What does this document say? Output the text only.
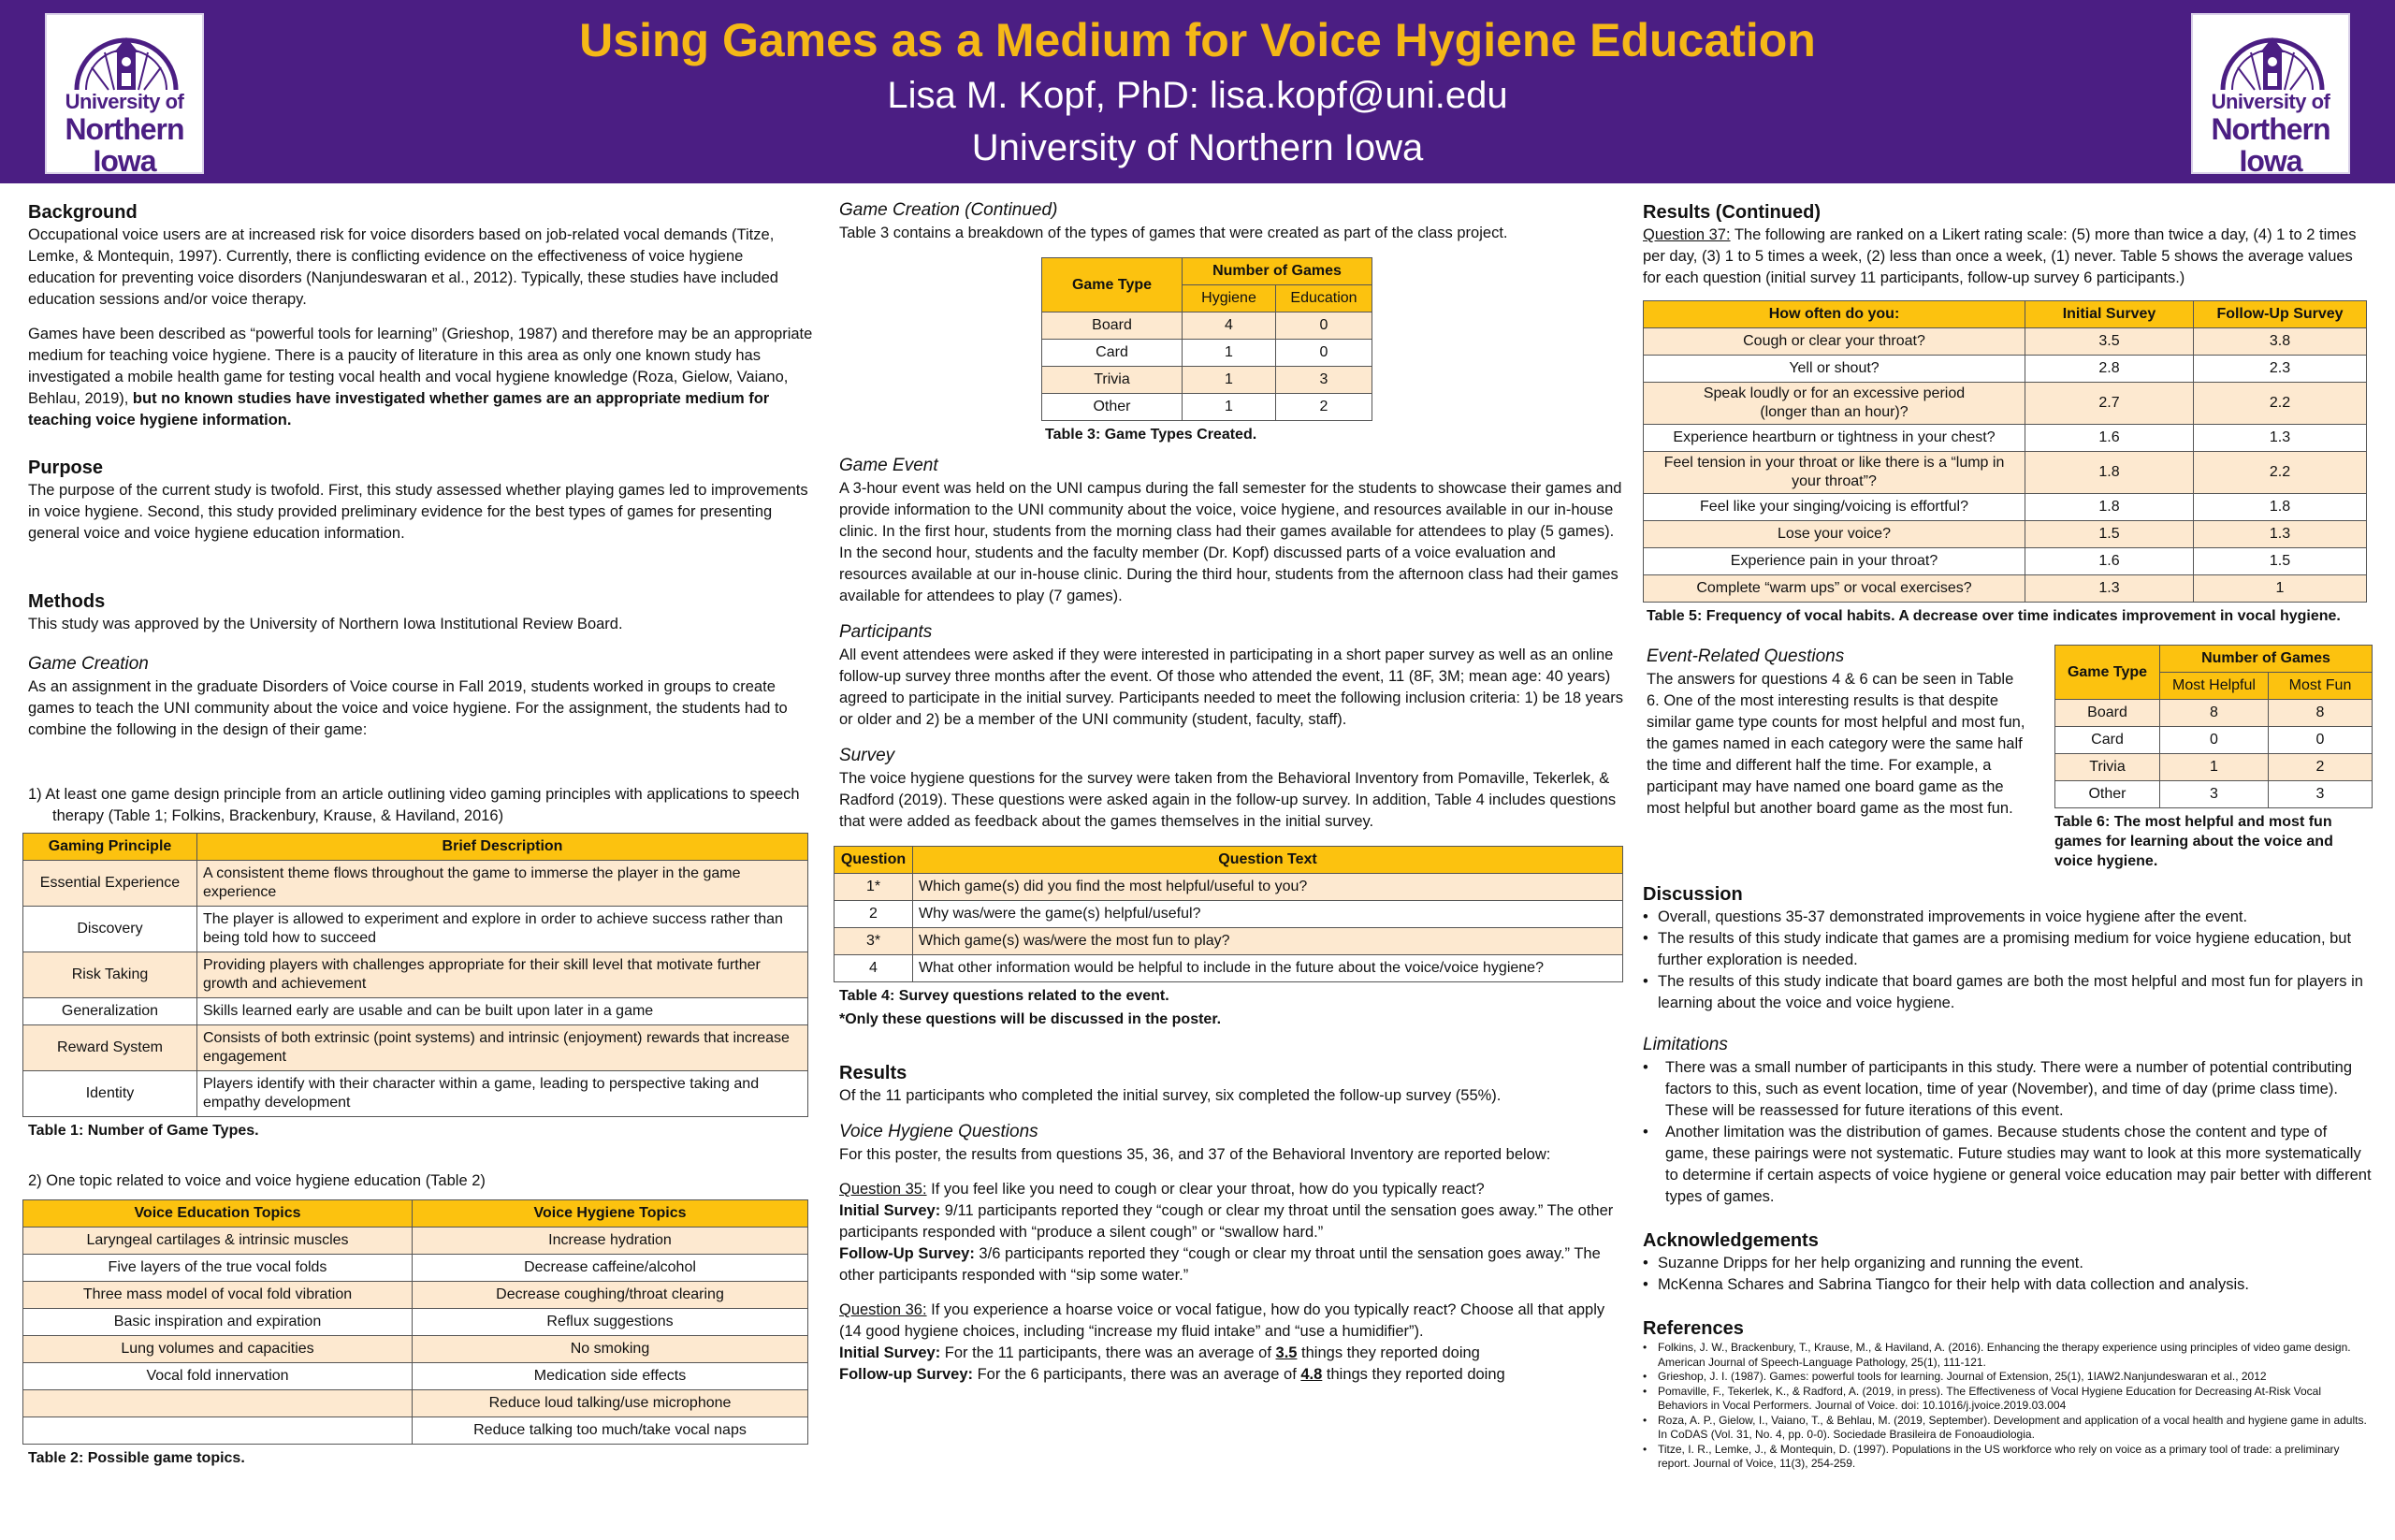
University of
Northern
Iowa
Using Games as a Medium for Voice Hygiene Education
Lisa M. Kopf, PhD: lisa.kopf@uni.edu
University of Northern Iowa
University of
Northern
Iowa
Background

Occupational voice users are at increased risk for voice disorders based on job-related vocal demands (Titze, Lemke, & Montequin, 1997). Currently, there is conflicting evidence on the effectiveness of voice hygiene education for preventing voice disorders (Nanjundeswaran et al., 2012). Typically, these studies have included education sessions and/or voice therapy.

Games have been described as “powerful tools for learning” (Grieshop, 1987) and therefore may be an appropriate medium for teaching voice hygiene. There is a paucity of literature in this area as only one known study has investigated a mobile health game for testing vocal health and vocal hygiene knowledge (Roza, Gielow, Vaiano, Behlau, 2019), but no known studies have investigated whether games are an appropriate medium for teaching voice hygiene information.

Purpose

The purpose of the current study is twofold. First, this study assessed whether playing games led to improvements in voice hygiene. Second, this study provided preliminary evidence for the best types of games for presenting general voice and voice hygiene education information.

Methods

This study was approved by the University of Northern Iowa Institutional Review Board.

Game Creation

As an assignment in the graduate Disorders of Voice course in Fall 2019, students worked in groups to create games to teach the UNI community about the voice and voice hygiene. For the assignment, the students had to combine the following in the design of their game:

1) At least one game design principle from an article outlining video gaming principles with applications to speech therapy (Table 1; Folkins, Brackenbury, Krause, & Haviland, 2016)
Gaming Principle	Brief Description
Essential Experience	A consistent theme flows throughout the game to immerse the player in the game experience
Discovery	The player is allowed to experiment and explore in order to achieve success rather than being told how to succeed
Risk Taking	Providing players with challenges appropriate for their skill level that motivate further growth and achievement
Generalization	Skills learned early are usable and can be built upon later in a game
Reward System	Consists of both extrinsic (point systems) and intrinsic (enjoyment) rewards that increase engagement
Identity	Players identify with their character within a game, leading to perspective taking and empathy development
Table 1: Number of Game Types.
2) One topic related to voice and voice hygiene education (Table 2)
Voice Education Topics	Voice Hygiene Topics
Laryngeal cartilages & intrinsic muscles	Increase hydration
Five layers of the true vocal folds	Decrease caffeine/alcohol
Three mass model of vocal fold vibration	Decrease coughing/throat clearing
Basic inspiration and expiration	Reflux suggestions
Lung volumes and capacities	No smoking
Vocal fold innervation	Medication side effects
	Reduce loud talking/use microphone
	Reduce talking too much/take vocal naps
Table 2: Possible game topics.
Game Creation (Continued)

Table 3 contains a breakdown of the types of games that were created as part of the class project.

Game Type	Number of Games	
	Hygiene	Education
Board	4	0
Card	1	0
Trivia	1	3
Other	1	2
Table 3: Game Types Created.
Game Event

A 3-hour event was held on the UNI campus during the fall semester for the students to showcase their games and provide information to the UNI community about the voice, voice hygiene, and resources available in our in-house clinic. In the first hour, students from the morning class had their games available for attendees to play (5 games). In the second hour, students and the faculty member (Dr. Kopf) discussed parts of a voice evaluation and resources available at our in-house clinic. During the third hour, students from the afternoon class had their games available for attendees to play (7 games).

Participants

All event attendees were asked if they were interested in participating in a short paper survey as well as an online follow-up survey three months after the event. Of those who attended the event, 11 (8F, 3M; mean age: 40 years) agreed to participate in the initial survey. Participants needed to meet the following inclusion criteria: 1) be 18 years or older and 2) be a member of the UNI community (student, faculty, staff).

Survey

The voice hygiene questions for the survey were taken from the Behavioral Inventory from Pomaville, Tekerlek, & Radford (2019). These questions were asked again in the follow-up survey. In addition, Table 4 includes questions that were added as feedback about the games themselves in the initial survey.

Question	Question Text
1*	Which game(s) did you find the most helpful/useful to you?
2	Why was/were the game(s) helpful/useful?
3*	Which game(s) was/were the most fun to play?
4	What other information would be helpful to include in the future about the voice/voice hygiene?
Table 4: Survey questions related to the event.
*Only these questions will be discussed in the poster.
Results

Of the 11 participants who completed the initial survey, six completed the follow-up survey (55%).

Voice Hygiene Questions

For this poster, the results from questions 35, 36, and 37 of the Behavioral Inventory are reported below:

Question 35: If you feel like you need to cough or clear your throat, how do you typically react?
Initial Survey: 9/11 participants reported they “cough or clear my throat until the sensation goes away.” The other participants responded with “produce a silent cough” or “swallow hard.”
Follow-Up Survey: 3/6 participants reported they “cough or clear my throat until the sensation goes away.” The other participants responded with “sip some water.”

Question 36: If you experience a hoarse voice or vocal fatigue, how do you typically react? Choose all that apply (14 good hygiene choices, including “increase my fluid intake” and “use a humidifier”).
Initial Survey: For the 11 participants, there was an average of 3.5 things they reported doing
Follow-up Survey: For the 6 participants, there was an average of 4.8 things they reported doing

Results (Continued)

Question 37: The following are ranked on a Likert rating scale: (5) more than twice a day, (4) 1 to 2 times per day, (3) 1 to 5 times a week, (2) less than once a week, (1) never. Table 5 shows the average values for each question (initial survey 11 participants, follow-up survey 6 participants.)

How often do you:	Initial Survey	Follow-Up Survey
Cough or clear your throat?	3.5	3.8
Yell or shout?	2.8	2.3
Speak loudly or for an excessive period (longer than an hour)?	2.7	2.2
Experience heartburn or tightness in your chest?	1.6	1.3
Feel tension in your throat or like there is a “lump in your throat”?	1.8	2.2
Feel like your singing/voicing is effortful?	1.8	1.8
Lose your voice?	1.5	1.3
Experience pain in your throat?	1.6	1.5
Complete “warm ups” or vocal exercises?	1.3	1
Table 5: Frequency of vocal habits. A decrease over time indicates improvement in vocal hygiene.
Event-Related Questions

The answers for questions 4 & 6 can be seen in Table 6. One of the most interesting results is that despite similar game type counts for most helpful and most fun, the games named in each category were the same half the time and different half the time. For example, a participant may have named one board game as the most helpful but another board game as the most fun.

Game Type	Number of Games	
	Most Helpful	Most Fun
Board	8	8
Card	0	0
Trivia	1	2
Other	3	3
Table 6: The most helpful and most fun games for learning about the voice and voice hygiene.
Discussion
• Overall, questions 35-37 demonstrated improvements in voice hygiene after the event.
• The results of this study indicate that games are a promising medium for voice hygiene education, but further exploration is needed.
• The results of this study indicate that board games are both the most helpful and most fun for players in learning about the voice and voice hygiene.
Limitations
• There was a small number of participants in this study. There were a number of potential contributing factors to this, such as event location, time of year (November), and time of day (prime class time). These will be reassessed for future iterations of this event.
• Another limitation was the distribution of games. Because students chose the content and type of game, these pairings were not systematic. Future studies may want to look at this more systematically to determine if certain aspects of voice hygiene or general voice education may pair better with different types of games.
Acknowledgements
• Suzanne Dripps for her help organizing and running the event.
• McKenna Schares and Sabrina Tiangco for their help with data collection and analysis.
References
• Folkins, J. W., Brackenbury, T., Krause, M., & Haviland, A. (2016). Enhancing the therapy experience using principles of video game design. American Journal of Speech-Language Pathology, 25(1), 111-121.
• Grieshop, J. I. (1987). Games: powerful tools for learning. Journal of Extension, 25(1), 1IAW2.Nanjundeswaran et al., 2012
• Pomaville, F., Tekerlek, K., & Radford, A. (2019, in press). The Effectiveness of Vocal Hygiene Education for Decreasing At-Risk Vocal Behaviors in Vocal Performers. Journal of Voice. doi: 10.1016/j.jvoice.2019.03.004
• Roza, A. P., Gielow, I., Vaiano, T., & Behlau, M. (2019, September). Development and application of a vocal health and hygiene game in adults. In CoDAS (Vol. 31, No. 4, pp. 0-0). Sociedade Brasileira de Fonoaudiologia.
• Titze, I. R., Lemke, J., & Montequin, D. (1997). Populations in the US workforce who rely on voice as a primary tool of trade: a preliminary report. Journal of Voice, 11(3), 254-259.
